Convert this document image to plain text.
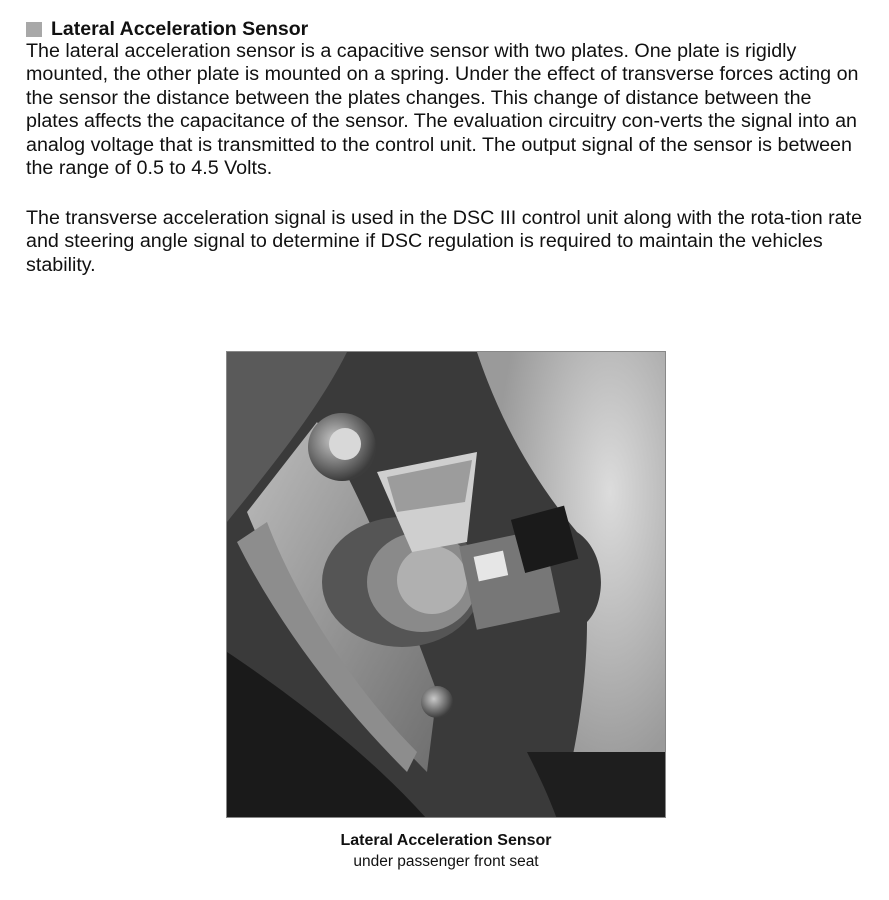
Lateral Acceleration Sensor

The lateral acceleration sensor is a capacitive sensor with two plates. One plate is rigidly mounted, the other plate is mounted on a spring. Under the effect of transverse forces acting on the sensor the distance between the plates changes. This change of distance between the plates affects the capacitance of the sensor. The evaluation circuitry con-verts the signal into an analog voltage that is transmitted to the control unit. The output signal of the sensor is between the range of 0.5 to 4.5 Volts.

The transverse acceleration signal is used in the DSC III control unit along with the rota-tion rate and steering angle signal to determine if DSC regulation is required to maintain the vehicles stability.

Lateral Acceleration Sensor
under passenger front seat
